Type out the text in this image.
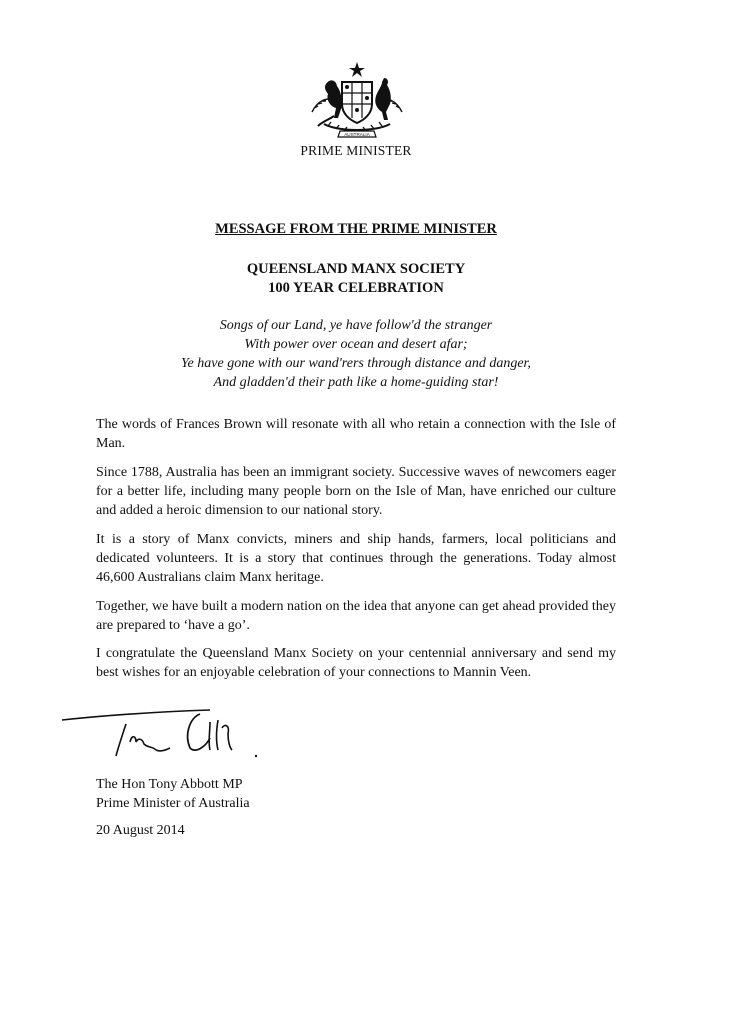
AUSTRALIA
PRIME MINISTER
MESSAGE FROM THE PRIME MINISTER
QUEENSLAND MANX SOCIETY
100 YEAR CELEBRATION
Songs of our Land, ye have follow'd the stranger
With power over ocean and desert afar;
Ye have gone with our wand'rers through distance and danger,
And gladden'd their path like a home-guiding star!
The words of Frances Brown will resonate with all who retain a connection with the Isle of Man.
Since 1788, Australia has been an immigrant society. Successive waves of newcomers eager for a better life, including many people born on the Isle of Man, have enriched our culture and added a heroic dimension to our national story.
It is a story of Manx convicts, miners and ship hands, farmers, local politicians and dedicated volunteers. It is a story that continues through the generations. Today almost 46,600 Australians claim Manx heritage.
Together, we have built a modern nation on the idea that anyone can get ahead provided they are prepared to ‘have a go’.
I congratulate the Queensland Manx Society on your centennial anniversary and send my best wishes for an enjoyable celebration of your connections to Mannin Veen.
The Hon Tony Abbott MP
Prime Minister of Australia
20 August 2014
